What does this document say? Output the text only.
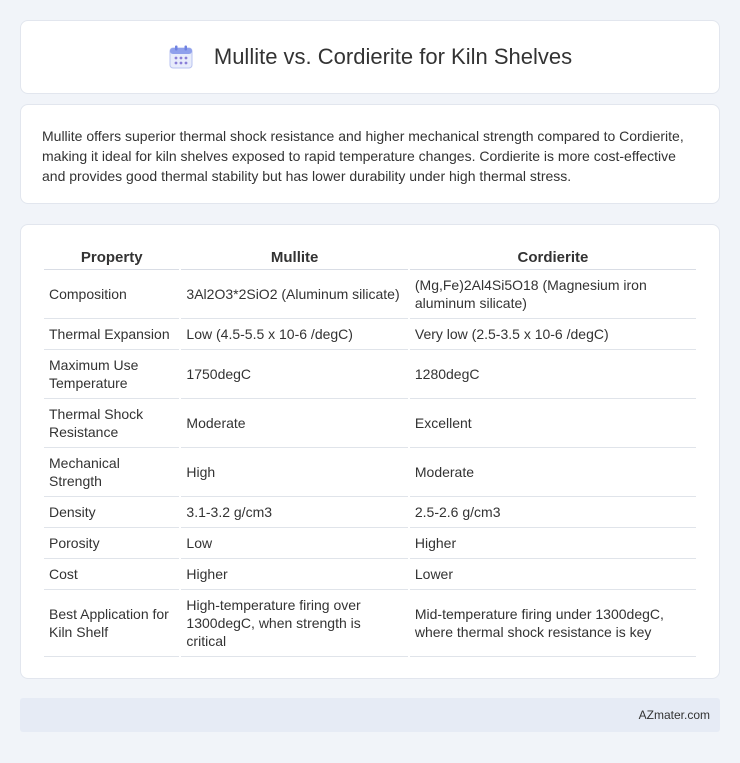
Mullite vs. Cordierite for Kiln Shelves

Mullite offers superior thermal shock resistance and higher mechanical strength compared to Cordierite, making it ideal for kiln shelves exposed to rapid temperature changes. Cordierite is more cost-effective and provides good thermal stability but has lower durability under high thermal stress.

Property	Mullite	Cordierite
Composition	3Al2O3*2SiO2 (Aluminum silicate)	(Mg,Fe)2Al4Si5O18 (Magnesium iron aluminum silicate)
Thermal Expansion	Low (4.5-5.5 x 10-6 /degC)	Very low (2.5-3.5 x 10-6 /degC)
Maximum Use Temperature	1750degC	1280degC
Thermal Shock Resistance	Moderate	Excellent
Mechanical Strength	High	Moderate
Density	3.1-3.2 g/cm3	2.5-2.6 g/cm3
Porosity	Low	Higher
Cost	Higher	Lower
Best Application for Kiln Shelf	High-temperature firing over 1300degC, when strength is critical	Mid-temperature firing under 1300degC, where thermal shock resistance is key
AZmater.com
